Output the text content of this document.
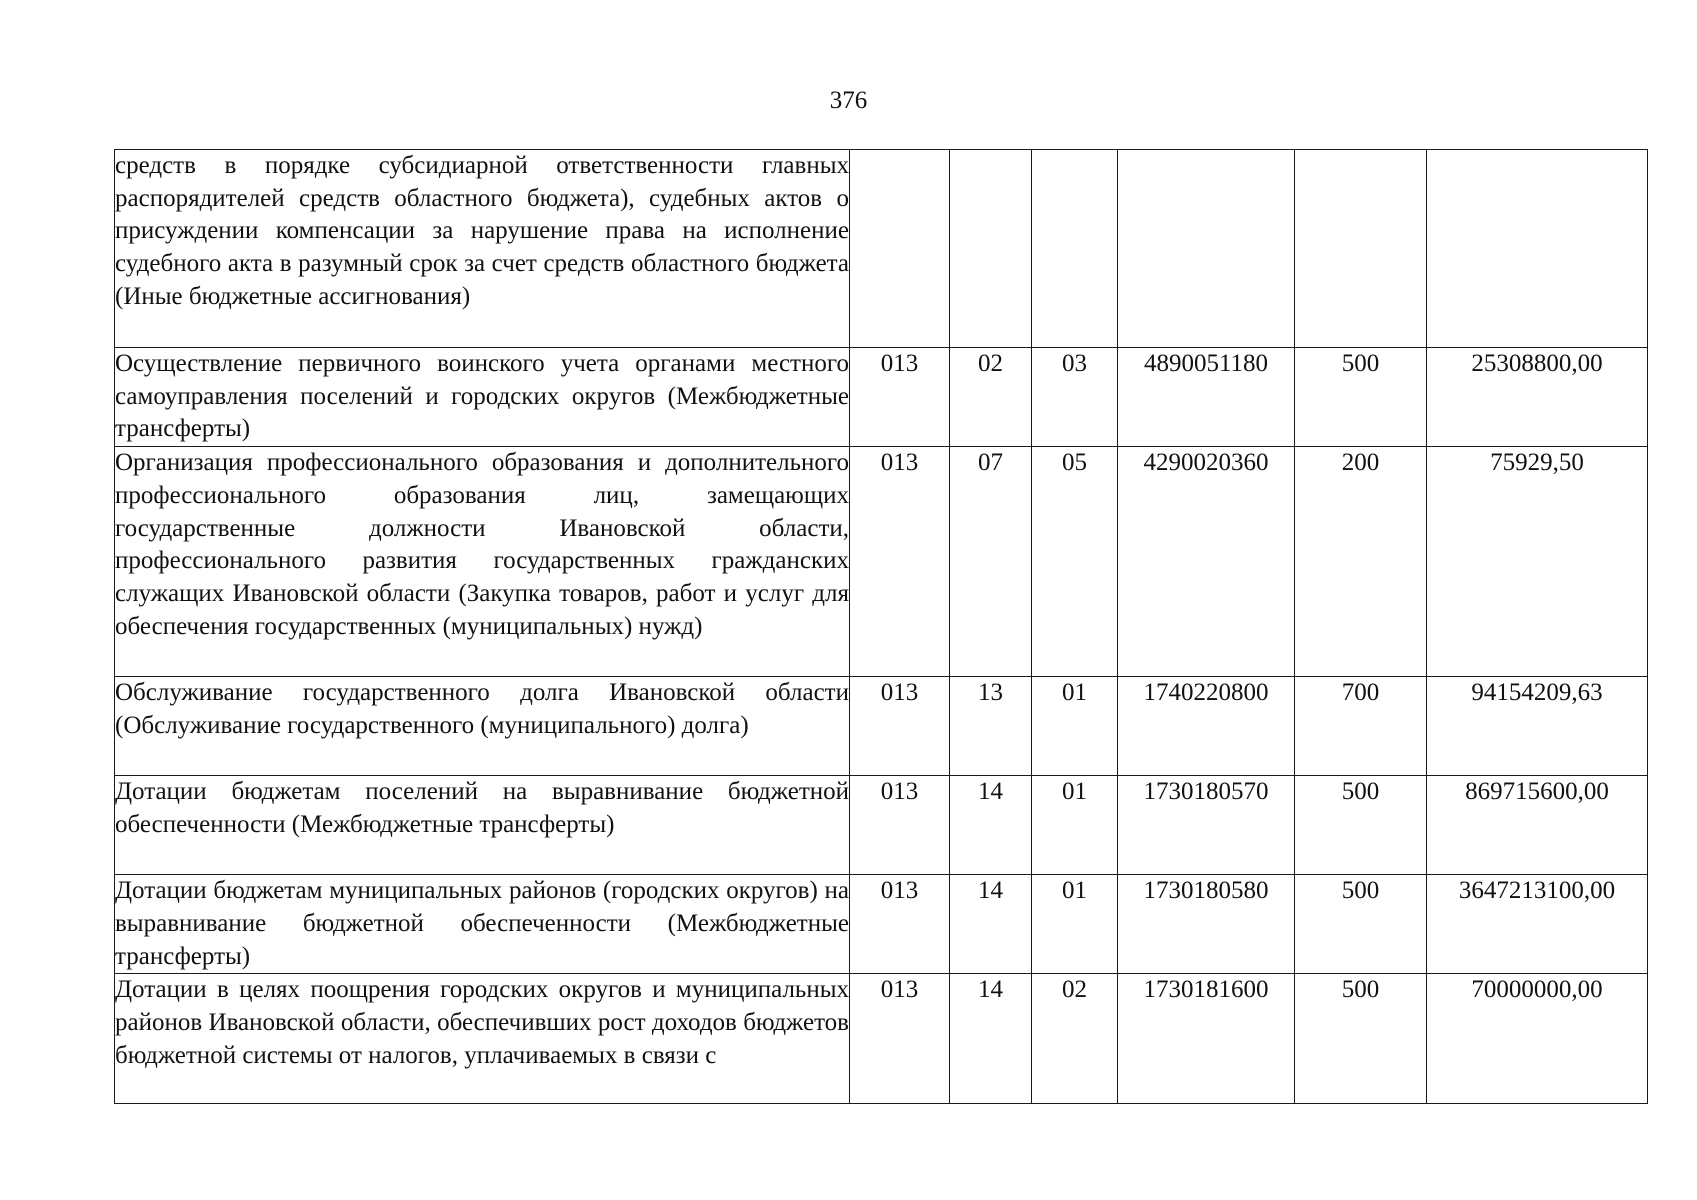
376
средств в порядке субсидиарной ответственности главных распорядителей средств областного бюджета), судебных актов о присуждении компенсации за нарушение права на исполнение судебного акта в разумный срок за счет средств областного бюджета (Иные бюджетные ассигнования)						
Осуществление первичного воинского учета органами местного самоуправления поселений и городских округов (Межбюджетные трансферты)	013	02	03	4890051180	500	25308800,00
Организация профессионального образования и дополнительного профессионального образования лиц, замещающих государственные должности Ивановской области, профессионального развития государственных гражданских служащих Ивановской области (Закупка товаров, работ и услуг для обеспечения государственных (муниципальных) нужд)	013	07	05	4290020360	200	75929,50
Обслуживание государственного долга Ивановской области (Обслуживание государственного (муниципального) долга)	013	13	01	1740220800	700	94154209,63
Дотации бюджетам поселений на выравнивание бюджетной обеспеченности (Межбюджетные трансферты)	013	14	01	1730180570	500	869715600,00
Дотации бюджетам муниципальных районов (городских округов) на выравнивание бюджетной обеспеченности (Межбюджетные трансферты)	013	14	01	1730180580	500	3647213100,00
Дотации в целях поощрения городских округов и муниципальных районов Ивановской области, обеспечивших рост доходов бюджетов бюджетной системы от налогов, уплачиваемых в связи с	013	14	02	1730181600	500	70000000,00
